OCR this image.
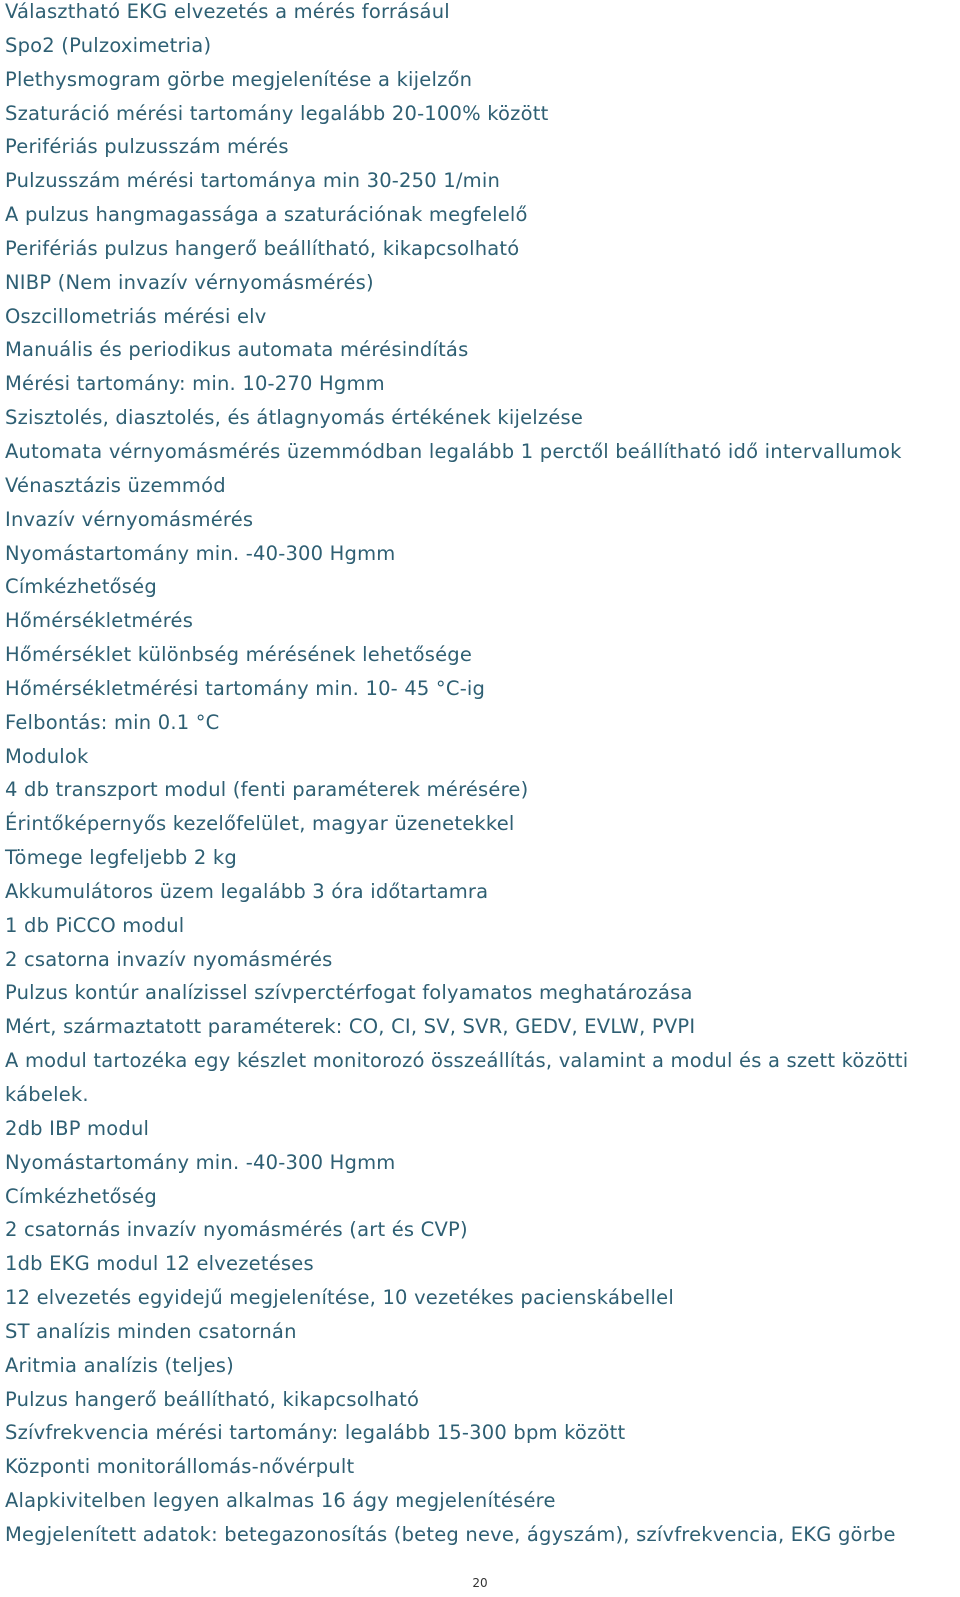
Választható EKG elvezetés a mérés forrásául
Spo2 (Pulzoximetria)
Plethysmogram görbe megjelenítése a kijelzőn
Szaturáció mérési tartomány legalább 20-100% között
Perifériás pulzusszám mérés
Pulzusszám mérési tartománya min 30-250 1/min
A pulzus hangmagassága a szaturációnak megfelelő
Perifériás pulzus hangerő beállítható, kikapcsolható
NIBP (Nem invazív vérnyomásmérés)
Oszcillometriás mérési elv
Manuális és periodikus automata mérésindítás
Mérési tartomány: min. 10-270 Hgmm
Szisztolés, diasztolés, és átlagnyomás értékének kijelzése
Automata vérnyomásmérés üzemmódban legalább 1 perctől beállítható idő intervallumok
Vénasztázis üzemmód
Invazív vérnyomásmérés
Nyomástartomány min. -40-300 Hgmm
Címkézhetőség
Hőmérsékletmérés
Hőmérséklet különbség mérésének lehetősége
Hőmérsékletmérési tartomány min. 10- 45 °C-ig
Felbontás: min 0.1 °C
Modulok
4 db transzport modul (fenti paraméterek mérésére)
Érintőképernyős kezelőfelület, magyar üzenetekkel
Tömege legfeljebb 2 kg
Akkumulátoros üzem legalább 3 óra időtartamra
1 db PiCCO modul
2 csatorna invazív nyomásmérés
Pulzus kontúr analízissel szívperctérfogat folyamatos meghatározása
Mért, származtatott paraméterek: CO, CI, SV, SVR, GEDV, EVLW, PVPI
A modul tartozéka egy készlet monitorozó összeállítás, valamint a modul és a szett közötti
kábelek.
2db IBP modul
Nyomástartomány min. -40-300 Hgmm
Címkézhetőség
2 csatornás invazív nyomásmérés (art és CVP)
1db EKG modul 12 elvezetéses
12 elvezetés egyidejű megjelenítése, 10 vezetékes pacienskábellel
ST analízis minden csatornán
Aritmia analízis (teljes)
Pulzus hangerő beállítható, kikapcsolható
Szívfrekvencia mérési tartomány: legalább 15-300 bpm között
Központi monitorállomás-nővérpult
Alapkivitelben legyen alkalmas 16 ágy megjelenítésére
Megjelenített adatok: betegazonosítás (beteg neve, ágyszám), szívfrekvencia, EKG görbe
20
